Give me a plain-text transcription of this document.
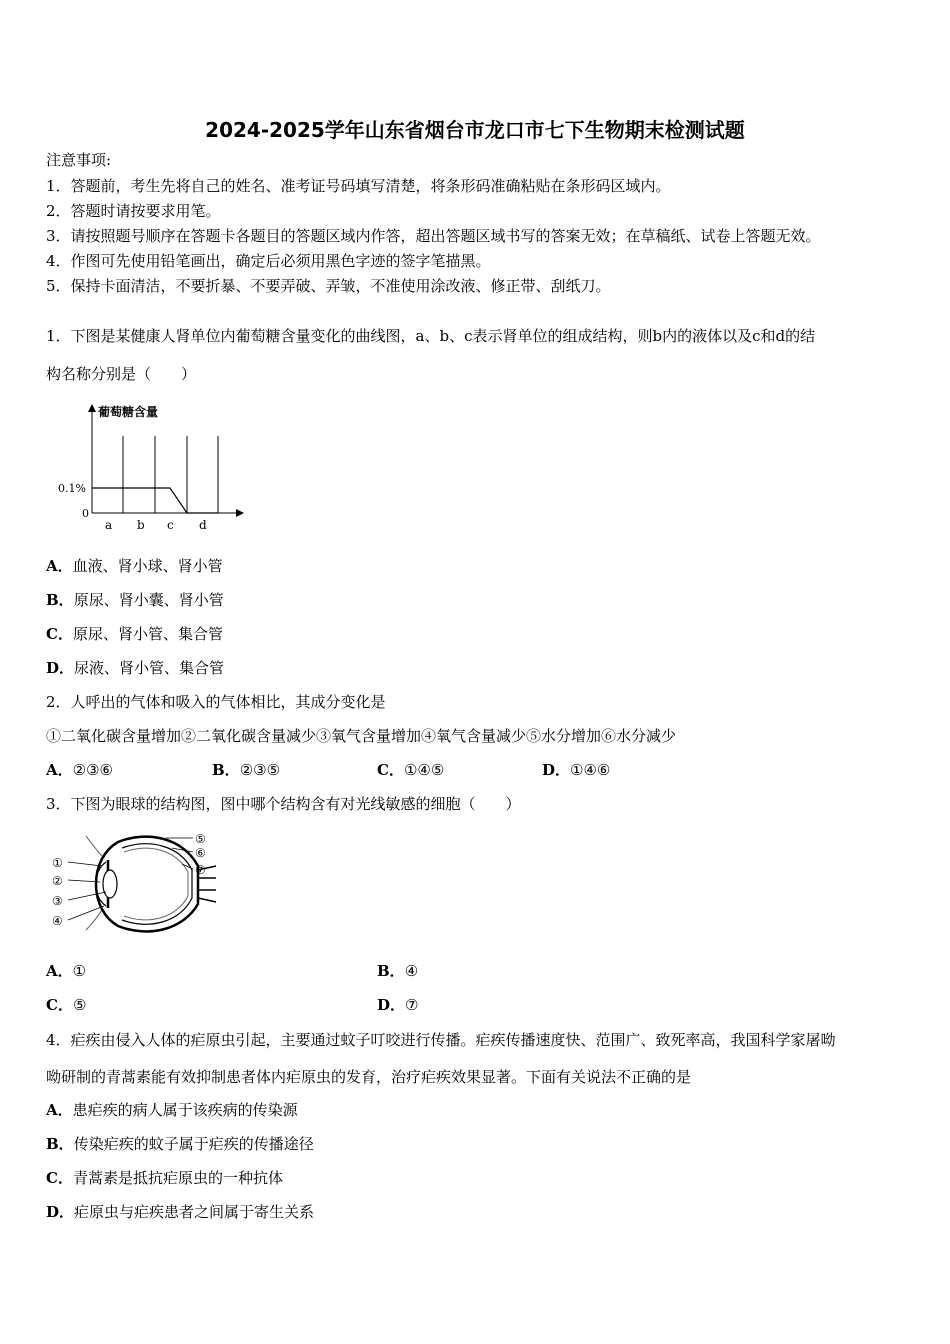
2024-2025学年山东省烟台市龙口市七下生物期末检测试题
注意事项:
1．答题前，考生先将自己的姓名、准考证号码填写清楚，将条形码准确粘贴在条形码区域内。
2．答题时请按要求用笔。
3．请按照题号顺序在答题卡各题目的答题区域内作答，超出答题区域书写的答案无效；在草稿纸、试卷上答题无效。
4．作图可先使用铅笔画出，确定后必须用黑色字迹的签字笔描黑。
5．保持卡面清洁，不要折暴、不要弄破、弄皱，不准使用涂改液、修正带、刮纸刀。
1．下图是某健康人肾单位内葡萄糖含量变化的曲线图，a、b、c表示肾单位的组成结构，则b内的液体以及c和d的结
构名称分别是（　　）
葡萄糖含量
0.1%
0
a b c d
A．血液、肾小球、肾小管
B．原尿、肾小囊、肾小管
C．原尿、肾小管、集合管
D．尿液、肾小管、集合管
2．人呼出的气体和吸入的气体相比，其成分变化是
①二氧化碳含量增加②二氧化碳含量减少③氧气含量增加④氧气含量减少⑤水分增加⑥水分减少
A．②③⑥	B．②③⑤	C．①④⑤	D．①④⑥
3．下图为眼球的结构图，图中哪个结构含有对光线敏感的细胞（　　）
①
②
③
④
⑤
⑥
⑦
A．①	B．④
C．⑤	D．⑦
4．疟疾由侵入人体的疟原虫引起，主要通过蚊子叮咬进行传播。疟疾传播速度快、范围广、致死率高，我国科学家屠呦
呦研制的青蒿素能有效抑制患者体内疟原虫的发育，治疗疟疾效果显著。下面有关说法不正确的是
A．患疟疾的病人属于该疾病的传染源
B．传染疟疾的蚊子属于疟疾的传播途径
C．青蒿素是抵抗疟原虫的一种抗体
D．疟原虫与疟疾患者之间属于寄生关系
